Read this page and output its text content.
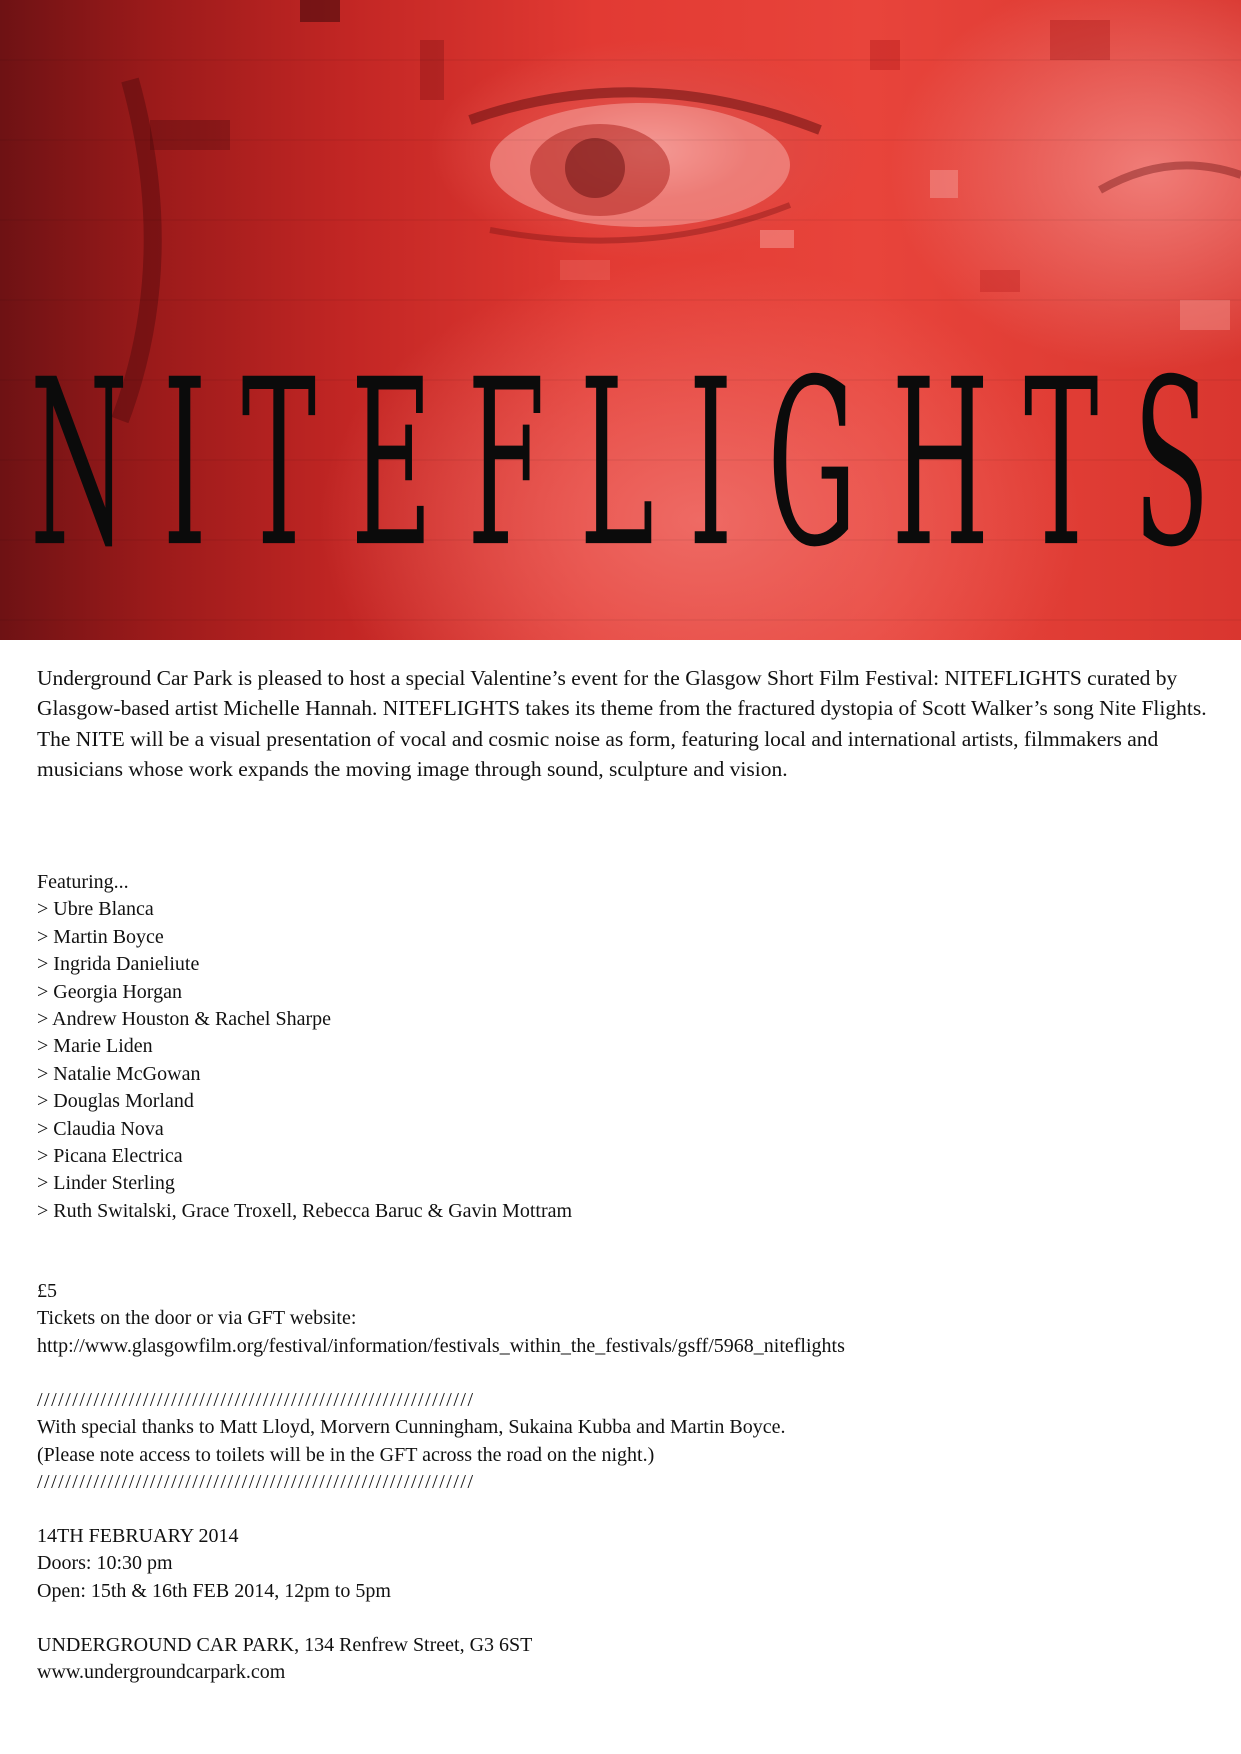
N I T E F L I G H T S

Underground Car Park is pleased to host a special Valentine’s event for the Glasgow Short Film Festival: NITEFLIGHTS curated by Glasgow-based artist Michelle Hannah. NITEFLIGHTS takes its theme from the fractured dystopia of Scott Walker’s song Nite Flights. The NITE will be a visual presentation of vocal and cosmic noise as form, featuring local and international artists, filmmakers and musicians whose work expands the moving image through sound, sculpture and vision.

Featuring...
> Ubre Blanca
> Martin Boyce
> Ingrida Danieliute
> Georgia Horgan
> Andrew Houston & Rachel Sharpe
> Marie Liden
> Natalie McGowan
> Douglas Morland
> Claudia Nova
> Picana Electrica
> Linder Sterling
> Ruth Switalski, Grace Troxell, Rebecca Baruc & Gavin Mottram
£5
Tickets on the door or via GFT website:
http://www.glasgowfilm.org/festival/information/festivals_within_the_festivals/gsff/5968_niteflights
//////////////////////////////////////////////////////////////
With special thanks to Matt Lloyd, Morvern Cunningham, Sukaina Kubba and Martin Boyce.
(Please note access to toilets will be in the GFT across the road on the night.)
//////////////////////////////////////////////////////////////
14TH FEBRUARY 2014
Doors: 10:30 pm
Open: 15th & 16th FEB 2014, 12pm to 5pm
UNDERGROUND CAR PARK, 134 Renfrew Street, G3 6ST
www.undergroundcarpark.com
